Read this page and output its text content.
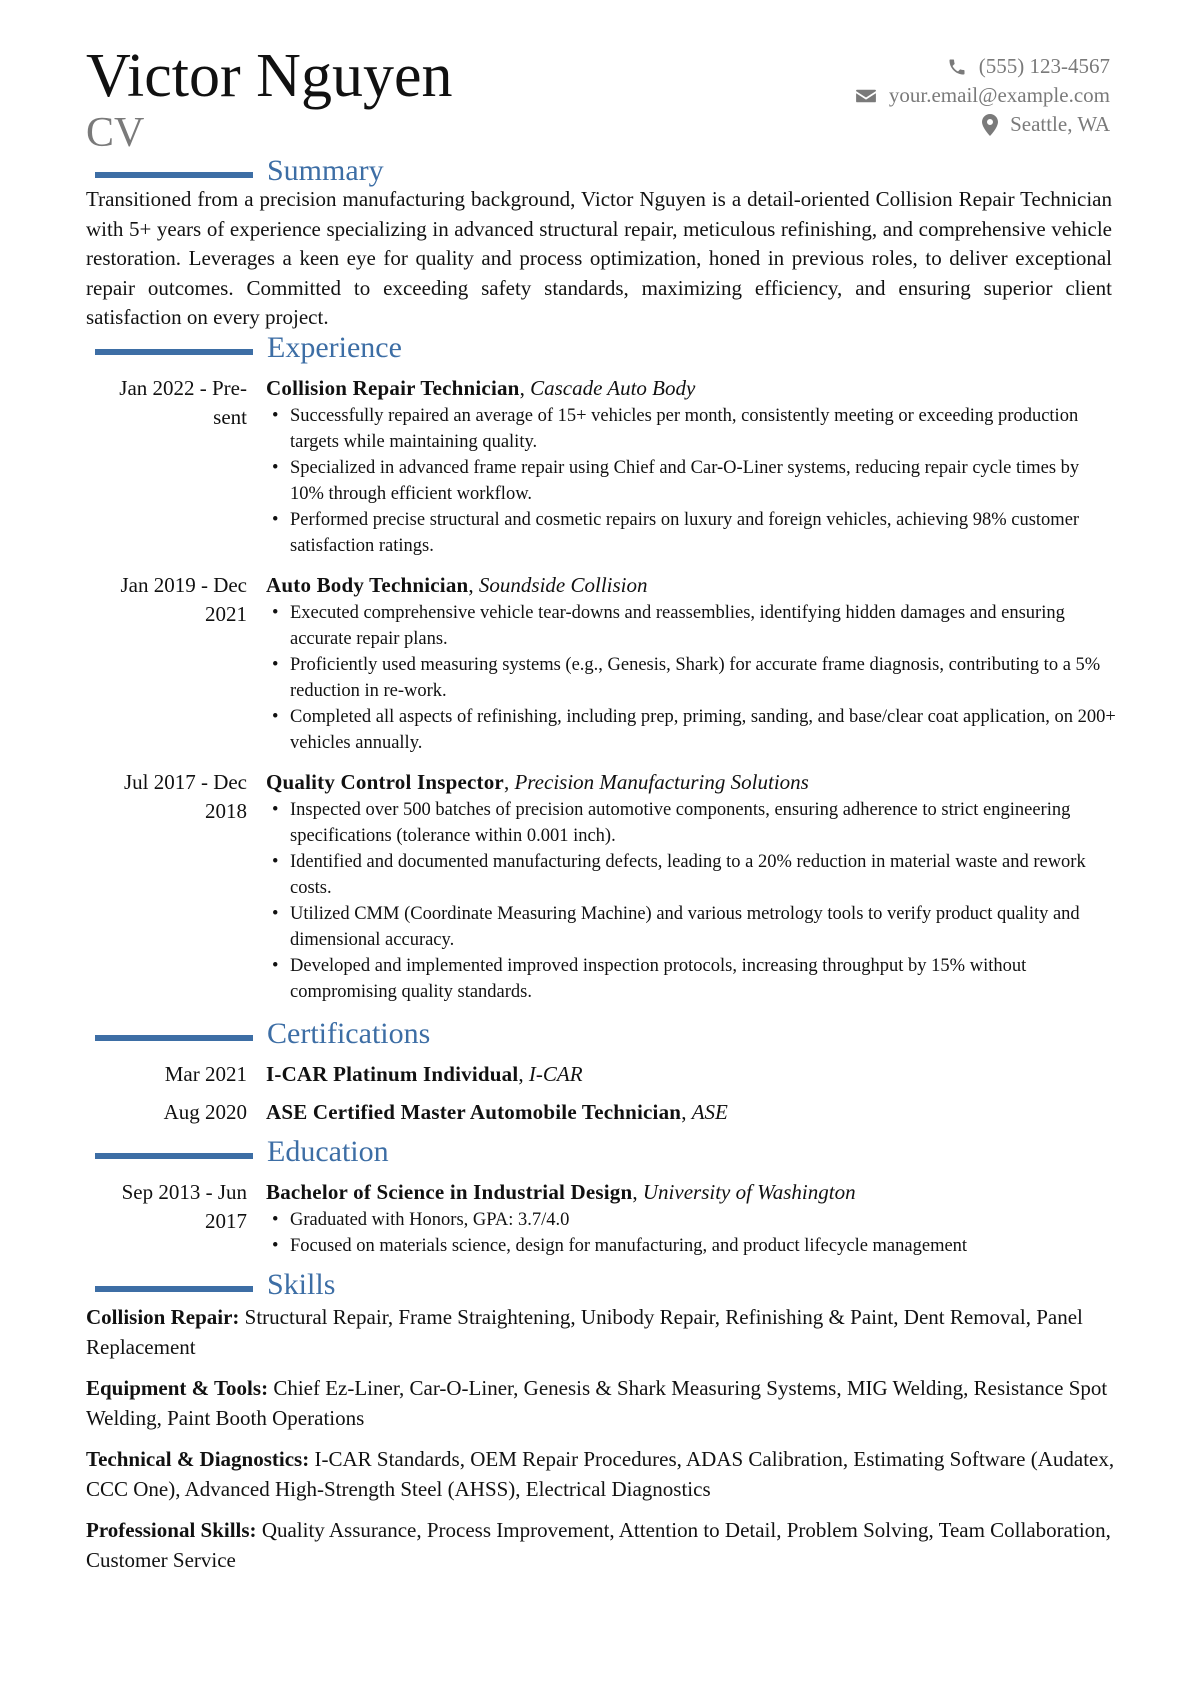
Victor Nguyen
CV
(555) 123-4567
your.email@example.com
Seattle, WA
Summary

Transitioned from a precision manufacturing background, Victor Nguyen is a detail-oriented Collision Repair Technician with 5+ years of experience specializing in advanced structural repair, meticulous refinishing, and comprehensive vehicle restoration. Leverages a keen eye for quality and process optimization, honed in previous roles, to deliver exceptional repair outcomes. Committed to exceeding safety standards, maximizing efficiency, and ensuring superior client satisfaction on every project.

Experience
Jan 2022 - Pre-
sent
Collision Repair Technician, Cascade Auto Body
• Successfully repaired an average of 15+ vehicles per month, consistently meeting or exceeding production targets while maintaining quality.
• Specialized in advanced frame repair using Chief and Car-O-Liner systems, reducing repair cycle times by 10% through efficient workflow.
• Performed precise structural and cosmetic repairs on luxury and foreign vehicles, achieving 98% customer satisfaction ratings.
Jan 2019 - Dec
2021
Auto Body Technician, Soundside Collision
• Executed comprehensive vehicle tear-downs and reassemblies, identifying hidden damages and ensuring accurate repair plans.
• Proficiently used measuring systems (e.g., Genesis, Shark) for accurate frame diagnosis, contributing to a 5% reduction in re-work.
• Completed all aspects of refinishing, including prep, priming, sanding, and base/clear coat application, on 200+ vehicles annually.
Jul 2017 - Dec
2018
Quality Control Inspector, Precision Manufacturing Solutions
• Inspected over 500 batches of precision automotive components, ensuring adherence to strict engineering specifications (tolerance within 0.001 inch).
• Identified and documented manufacturing defects, leading to a 20% reduction in material waste and rework costs.
• Utilized CMM (Coordinate Measuring Machine) and various metrology tools to verify product quality and dimensional accuracy.
• Developed and implemented improved inspection protocols, increasing throughput by 15% without compromising quality standards.
Certifications
Mar 2021 I-CAR Platinum Individual, I-CAR
Aug 2020 ASE Certified Master Automobile Technician, ASE
Education
Sep 2013 - Jun
2017
Bachelor of Science in Industrial Design, University of Washington
• Graduated with Honors, GPA: 3.7/4.0
• Focused on materials science, design for manufacturing, and product lifecycle management
Skills
Collision Repair: Structural Repair, Frame Straightening, Unibody Repair, Refinishing & Paint, Dent Removal, Panel Replacement
Equipment & Tools: Chief Ez-Liner, Car-O-Liner, Genesis & Shark Measuring Systems, MIG Welding, Resistance Spot Welding, Paint Booth Operations
Technical & Diagnostics: I-CAR Standards, OEM Repair Procedures, ADAS Calibration, Estimating Software (Audatex, CCC One), Advanced High-Strength Steel (AHSS), Electrical Diagnostics
Professional Skills: Quality Assurance, Process Improvement, Attention to Detail, Problem Solving, Team Collaboration, Customer Service
